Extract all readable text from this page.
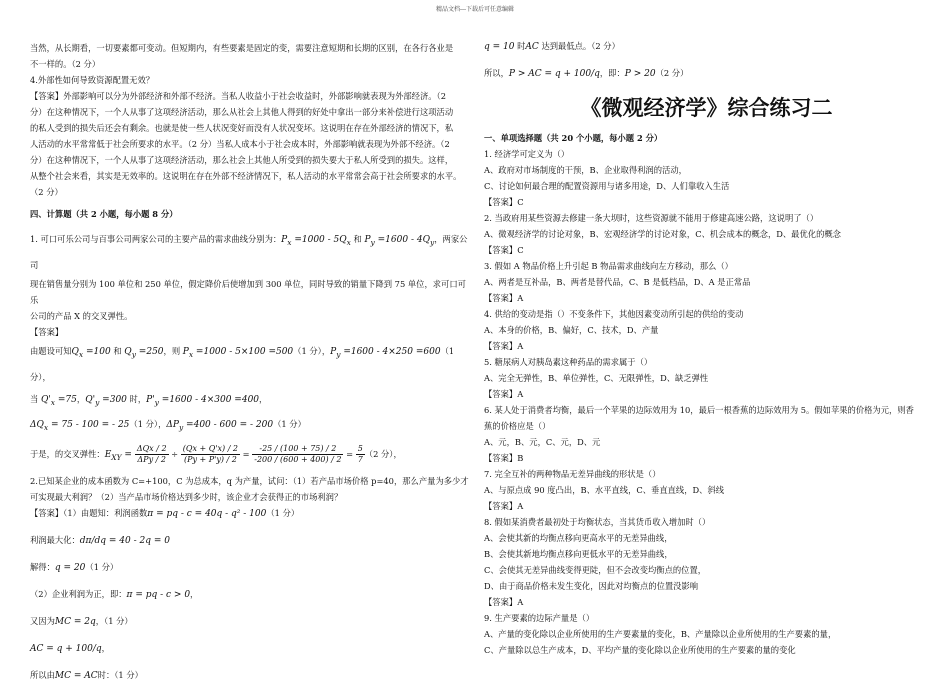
精品文档---下载后可任意编辑

当然，从长期看，一切要素都可变动。但短期内，有些要素是固定的变，需要注意短期和长期的区别，在各行各业是

不一样的。（2 分）

4.外部性如何导致资源配置无效？

【答案】外部影响可以分为外部经济和外部不经济。当私人收益小于社会收益时，外部影响就表现为外部经济。（2

分）在这种情况下，一个人从事了这项经济活动，那么从社会上其他人得到的好处中拿出一部分来补偿进行这项活动

的私人受到的损失后还会有剩余。也就是使一些人状况变好而没有人状况变坏。这说明在存在外部经济的情况下，私

人活动的水平常常低于社会所要求的水平。（2 分）当私人成本小于社会成本时，外部影响就表现为外部不经济。（2

分）在这种情况下，一个人从事了这项经济活动，那么社会上其他人所受到的损失要大于私人所受到的损失。这样，

从整个社会来看，其实是无效率的。这说明在存在外部不经济情况下，私人活动的水平常常会高于社会所要求的水平。

（2 分）

四、计算题（共 2 小题，每小题 8 分）

1. 可口可乐公司与百事公司两家公司的主要产品的需求曲线分别为：$P_x =1000 - 5Q_x$ 和 $P_y =1600 - 4Q_y$，两家公司

现在销售量分别为 100 单位和 250 单位，假定降价后使增加到 300 单位，同时导致的销量下降到 75 单位，求可口可乐

公司的产品 X 的交叉弹性。

【答案】

由题设可知$Q_x =100$ 和 $Q_y =250$，则 $P_x =1000 - 5\times 100 =500(1$ 分），$P_y =1600 - 4\times 250 =600(1$ 分），

当 $Q'_x =75$，$Q'_y =300$ 时，$P'_y =1600 - 4\times 300 =400$，

$\Delta Q_x = 75 - 100$ = - 25（1 分），$\Delta P_y =400 - 600$ = - 200（1 分）

于是，的交叉弹性：$E_{XY} = \frac{\text{ΔQx / 2}}{\text{ΔPy / 2}} \div \frac{(Qx + Q'x) / 2}{(Py + P'y) / 2} = \frac{-25 / (100 + 75) / 2}{-200 / (600 + 400) / 2} = \frac{5}{7} (2$ 分），

2.已知某企业的成本函数为 C=+100，C 为总成本，q 为产量，试问：（1）若产品市场价格 p=40，那么产量为多少才

可实现最大利润？（2）当产品市场价格达到多少时，该企业才会获得正的市场利润？

【答案】（1）由题知：利润函数π = pq - c = 40q - q² - 100（1 分）

利润最大化：dπ/dq = 40 - 2q = 0

解得：q = 20（1 分）

（2）企业利润为正，即：π = pq - c > 0，

又因为MC = 2q，（1 分）

AC = q + 100/q，

所以由MC = AC时：（1 分）

q = 10 时AC 达到最低点。（2 分）

所以，P > AC = q + 100/q，即：P > 20（2 分）

《微观经济学》综合练习二

一、单项选择题（共 20 个小题，每小题 2 分）

1. 经济学可定义为（）

A、政府对市场制度的干预，B、企业取得利润的活动，

C、讨论如何最合理的配置资源用与诸多用途，D、人们靠收入生活

【答案】C

2. 当政府用某些资源去修建一条大坝时，这些资源就不能用于修建高速公路，这说明了（）

A、微观经济学的讨论对象，B、宏观经济学的讨论对象，C、机会成本的概念，D、最优化的概念

【答案】C

3. 假如 A 物品价格上升引起 B 物品需求曲线向左方移动，那么（）

A、两者是互补品，B、两者是替代品，C、B 是低档品，D、A 是正常品

【答案】A

4. 供给的变动是指（）不变条件下，其他因素变动所引起的供给的变动

A、本身的价格，B、偏好，C、技术，D、产量

【答案】A

5. 糖尿病人对胰岛素这种药品的需求属于（）

A、完全无弹性，B、单位弹性，C、无限弹性，D、缺乏弹性

【答案】A

6. 某人处于消费者均衡，最后一个苹果的边际效用为 10，最后一根香蕉的边际效用为 5。假如苹果的价格为元，则香

蕉的价格应是（）

A、元，B、元，C、元，D、元

【答案】B

7. 完全互补的两种物品无差异曲线的形状是（）

A、与原点成 90 度凸出，B、水平直线，C、垂直直线，D、斜线

【答案】A

8. 假如某消费者最初处于均衡状态，当其货币收入增加时（）

A、会使其新的均衡点移向更高水平的无差异曲线，

B、会使其新地均衡点移向更低水平的无差异曲线，

C、会使其无差异曲线变得更陡，但不会改变均衡点的位置，

D、由于商品价格未发生变化，因此对均衡点的位置没影响

【答案】A

9. 生产要素的边际产量是（）

A、产量的变化除以企业所使用的生产要素量的变化，B、产量除以企业所使用的生产要素的量，

C、产量除以总生产成本，D、平均产量的变化除以企业所使用的生产要素的量的变化
